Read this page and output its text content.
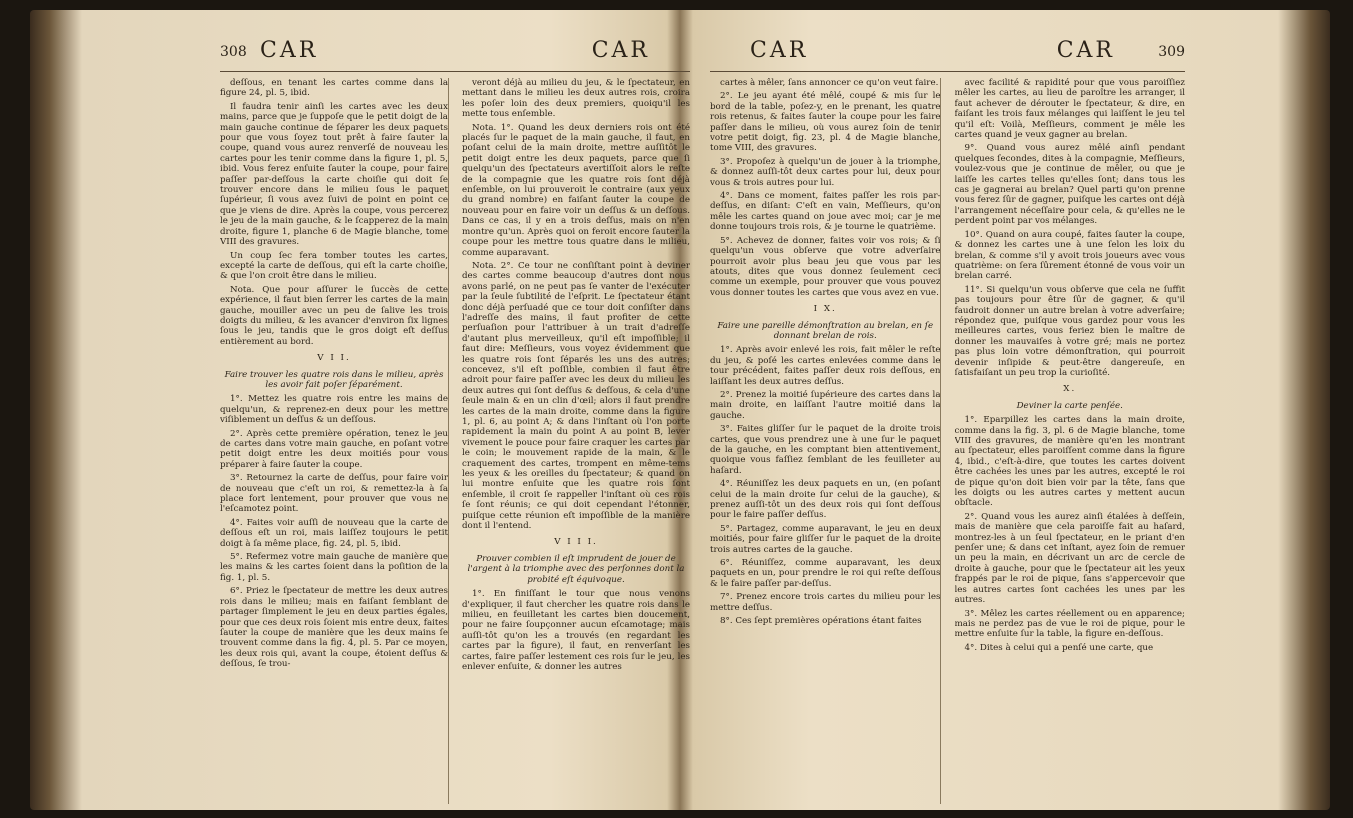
308 CAR	CAR

deſſous, en tenant les cartes comme dans la figure 24, pl. 5, ibid.

Il faudra tenir ainſi les cartes avec les deux mains, parce que je ſuppoſe que le petit doigt de la main gauche continue de ſéparer les deux paquets pour que vous ſoyez tout prêt à faire ſauter la coupe, quand vous aurez renverſé de nouveau les cartes pour les tenir comme dans la figure 1, pl. 5, ibid. Vous ferez enſuite ſauter la coupe, pour faire paſſer par-deſſous la carte choiſie qui doit ſe trouver encore dans le milieu ſous le paquet ſupérieur, ſi vous avez ſuivi de point en point ce que je viens de dire. Après la coupe, vous percerez le jeu de la main gauche, & le ſcapperez de la main droite, figure 1, planche 6 de Magie blanche, tome VIII des gravures.

Un coup ſec fera tomber toutes les cartes, excepté la carte de deſſous, qui eſt la carte choiſie, & que l'on croit être dans le milieu.

Nota. Que pour aſſurer le ſuccès de cette expérience, il faut bien ſerrer les cartes de la main gauche, mouiller avec un peu de ſalive les trois doigts du milieu, & les avancer d'environ ſix lignes ſous le jeu, tandis que le gros doigt eſt deſſus entièrement au bord.

V I I.

Faire trouver les quatre rois dans le milieu, après les avoir fait poſer ſéparément.

1°. Mettez les quatre rois entre les mains de quelqu'un, & reprenez-en deux pour les mettre viſiblement un deſſus & un deſſous.

2°. Après cette première opération, tenez le jeu de cartes dans votre main gauche, en poſant votre petit doigt entre les deux moitiés pour vous préparer à faire ſauter la coupe.

3°. Retournez la carte de deſſus, pour faire voir de nouveau que c'eſt un roi, & remettez-la à ſa place fort lentement, pour prouver que vous ne l'eſcamotez point.

4°. Faites voir auſſi de nouveau que la carte de deſſous eſt un roi, mais laiſſez toujours le petit doigt à ſa même place, fig. 24, pl. 5, ibid.

5°. Refermez votre main gauche de manière que les mains & les cartes ſoient dans la poſition de la fig. 1, pl. 5.

6°. Priez le ſpectateur de mettre les deux autres rois dans le milieu; mais en faiſant ſemblant de partager ſimplement le jeu en deux parties égales, pour que ces deux rois ſoient mis entre deux, faites ſauter la coupe de manière que les deux mains ſe trouvent comme dans la fig. 4, pl. 5. Par ce moyen, les deux rois qui, avant la coupe, étoient deſſus & deſſous, ſe trou-

veront déjà au milieu du jeu, & le ſpectateur, en mettant dans le milieu les deux autres rois, croira les poſer loin des deux premiers, quoiqu'il les mette tous enſemble.

Nota. 1°. Quand les deux derniers rois ont été placés ſur le paquet de la main gauche, il faut, en poſant celui de la main droite, mettre auſſitôt le petit doigt entre les deux paquets, parce que ſi quelqu'un des ſpectateurs avertiſſoit alors le reſte de la compagnie que les quatre rois ſont déjà enſemble, on lui prouveroit le contraire (aux yeux du grand nombre) en faiſant ſauter la coupe de nouveau pour en faire voir un deſſus & un deſſous. Dans ce cas, il y en a trois deſſus, mais on n'en montre qu'un. Après quoi on feroit encore ſauter la coupe pour les mettre tous quatre dans le milieu, comme auparavant.

Nota. 2°. Ce tour ne conſiſtant point à deviner des cartes comme beaucoup d'autres dont nous avons parlé, on ne peut pas ſe vanter de l'exécuter par la ſeule ſubtilité de l'eſprit. Le ſpectateur étant donc déjà perſuadé que ce tour doit conſiſter dans l'adreſſe des mains, il faut profiter de cette perſuaſion pour l'attribuer à un trait d'adreſſe d'autant plus merveilleux, qu'il eſt impoſſible; il faut dire: Meſſieurs, vous voyez évidemment que les quatre rois ſont ſéparés les uns des autres; concevez, s'il eſt poſſible, combien il faut être adroit pour faire paſſer avec les deux du milieu les deux autres qui ſont deſſus & deſſous, & cela d'une ſeule main & en un clin d'œil; alors il faut prendre les cartes de la main droite, comme dans la figure 1, pl. 6, au point A; & dans l'inſtant où l'on porte rapidement la main du point A au point B, lever vivement le pouce pour faire craquer les cartes par le coin; le mouvement rapide de la main, & le craquement des cartes, trompent en même-tems les yeux & les oreilles du ſpectateur; & quand on lui montre enſuite que les quatre rois ſont enſemble, il croit ſe rappeller l'inſtant où ces rois ſe ſont réunis; ce qui doit cependant l'étonner, puiſque cette réunion eſt impoſſible de la manière dont il l'entend.

V I I I.

Prouver combien il eſt imprudent de jouer de l'argent à la triomphe avec des perſonnes dont la probité eſt équivoque.

1°. En finiſſant le tour que nous venons d'expliquer, il faut chercher les quatre rois dans le milieu, en feuilletant les cartes bien doucement, pour ne faire ſoupçonner aucun eſcamotage; mais auſſi-tôt qu'on les a trouvés (en regardant les cartes par la figure), il faut, en renverſant les cartes, faire paſſer lestement ces rois ſur le jeu, les enlever enſuite, & donner les autres

CAR	CAR	309

cartes à mêler, ſans annoncer ce qu'on veut faire.

2°. Le jeu ayant été mêlé, coupé & mis ſur le bord de la table, poſez-y, en le prenant, les quatre rois retenus, & faites ſauter la coupe pour les faire paſſer dans le milieu, où vous aurez ſoin de tenir votre petit doigt, fig. 23, pl. 4 de Magie blanche, tome VIII, des gravures.

3°. Propoſez à quelqu'un de jouer à la triomphe, & donnez auſſi-tôt deux cartes pour lui, deux pour vous & trois autres pour lui.

4°. Dans ce moment, faites paſſer les rois par-deſſus, en diſant: C'eſt en vain, Meſſieurs, qu'on mêle les cartes quand on joue avec moi; car je me donne toujours trois rois, & je tourne le quatrième.

5°. Achevez de donner, faites voir vos rois; & ſi quelqu'un vous obſerve que votre adverſaire pourroit avoir plus beau jeu que vous par les atouts, dites que vous donnez ſeulement ceci comme un exemple, pour prouver que vous pouvez vous donner toutes les cartes que vous avez en vue.

I X.

Faire une pareille démonſtration au brelan, en ſe donnant brelan de rois.

1°. Après avoir enlevé les rois, fait mêler le reſte du jeu, & poſé les cartes enlevées comme dans le tour précédent, faites paſſer deux rois deſſous, en laiſſant les deux autres deſſus.

2°. Prenez la moitié ſupérieure des cartes dans la main droite, en laiſſant l'autre moitié dans la gauche.

3°. Faites gliſſer ſur le paquet de la droite trois cartes, que vous prendrez une à une ſur le paquet de la gauche, en les comptant bien attentivement, quoique vous faſſiez ſemblant de les feuilleter au haſard.

4°. Réuniſſez les deux paquets en un, (en poſant celui de la main droite ſur celui de la gauche), & prenez auſſi-tôt un des deux rois qui ſont deſſous pour le faire paſſer deſſus.

5°. Partagez, comme auparavant, le jeu en deux moitiés, pour faire gliſſer ſur le paquet de la droite trois autres cartes de la gauche.

6°. Réuniſſez, comme auparavant, les deux paquets en un, pour prendre le roi qui reſte deſſous & le faire paſſer par-deſſus.

7°. Prenez encore trois cartes du milieu pour les mettre deſſus.

8°. Ces ſept premières opérations étant faites

avec facilité & rapidité pour que vous paroiſſiez mêler les cartes, au lieu de paroître les arranger, il faut achever de dérouter le ſpectateur, & dire, en faiſant les trois faux mélanges qui laiſſent le jeu tel qu'il eſt: Voilà, Meſſieurs, comment je mêle les cartes quand je veux gagner au brelan.

9°. Quand vous aurez mêlé ainſi pendant quelques ſecondes, dites à la compagnie, Meſſieurs, voulez-vous que je continue de mêler, ou que je laiſſe les cartes telles qu'elles ſont; dans tous les cas je gagnerai au brelan? Quel parti qu'on prenne vous ferez ſûr de gagner, puiſque les cartes ont déjà l'arrangement néceſſaire pour cela, & qu'elles ne le perdent point par vos mélanges.

10°. Quand on aura coupé, faites ſauter la coupe, & donnez les cartes une à une ſelon les loix du brelan, & comme s'il y avoit trois joueurs avec vous quatrième: on ſera ſûrement étonné de vous voir un brelan carré.

11°. Si quelqu'un vous obſerve que cela ne ſuffit pas toujours pour être ſûr de gagner, & qu'il faudroit donner un autre brelan à votre adverſaire; répondez que, puiſque vous gardez pour vous les meilleures cartes, vous feriez bien le maître de donner les mauvaiſes à votre gré; mais ne portez pas plus loin votre démonſtration, qui pourroit devenir inſipide & peut-être dangereuſe, en ſatisfaiſant un peu trop la curioſité.

X.

Deviner la carte penſée.

1°. Eparpillez les cartes dans la main droite, comme dans la fig. 3, pl. 6 de Magie blanche, tome VIII des gravures, de manière qu'en les montrant au ſpectateur, elles paroiſſent comme dans la figure 4, ibid., c'eſt-à-dire, que toutes les cartes doivent être cachées les unes par les autres, excepté le roi de pique qu'on doit bien voir par la tête, ſans que les doigts ou les autres cartes y mettent aucun obſtacle.

2°. Quand vous les aurez ainſi étalées à deſſein, mais de manière que cela paroiſſe fait au haſard, montrez-les à un ſeul ſpectateur, en le priant d'en penſer une; & dans cet inſtant, ayez ſoin de remuer un peu la main, en décrivant un arc de cercle de droite à gauche, pour que le ſpectateur ait les yeux frappés par le roi de pique, ſans s'appercevoir que les autres cartes ſont cachées les unes par les autres.

3°. Mêlez les cartes réellement ou en apparence; mais ne perdez pas de vue le roi de pique, pour le mettre enſuite ſur la table, la figure en-deſſous.

4°. Dites à celui qui a penſé une carte, que
